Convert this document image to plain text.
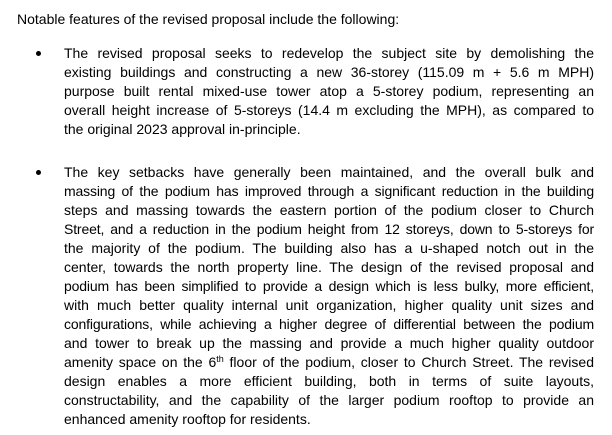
Notable features of the revised proposal include the following:
The revised proposal seeks to redevelop the subject site by demolishing the
existing buildings and constructing a new 36-storey (115.09 m + 5.6 m MPH)
purpose built rental mixed-use tower atop a 5-storey podium, representing an
overall height increase of 5-storeys (14.4 m excluding the MPH), as compared to
the original 2023 approval in-principle.
The key setbacks have generally been maintained, and the overall bulk and
massing of the podium has improved through a significant reduction in the building
steps and massing towards the eastern portion of the podium closer to Church
Street, and a reduction in the podium height from 12 storeys, down to 5-storeys for
the majority of the podium. The building also has a u-shaped notch out in the
center, towards the north property line. The design of the revised proposal and
podium has been simplified to provide a design which is less bulky, more efficient,
with much better quality internal unit organization, higher quality unit sizes and
configurations, while achieving a higher degree of differential between the podium
and tower to break up the massing and provide a much higher quality outdoor
amenity space on the 6th floor of the podium, closer to Church Street. The revised
design enables a more efficient building, both in terms of suite layouts,
constructability, and the capability of the larger podium rooftop to provide an
enhanced amenity rooftop for residents.
